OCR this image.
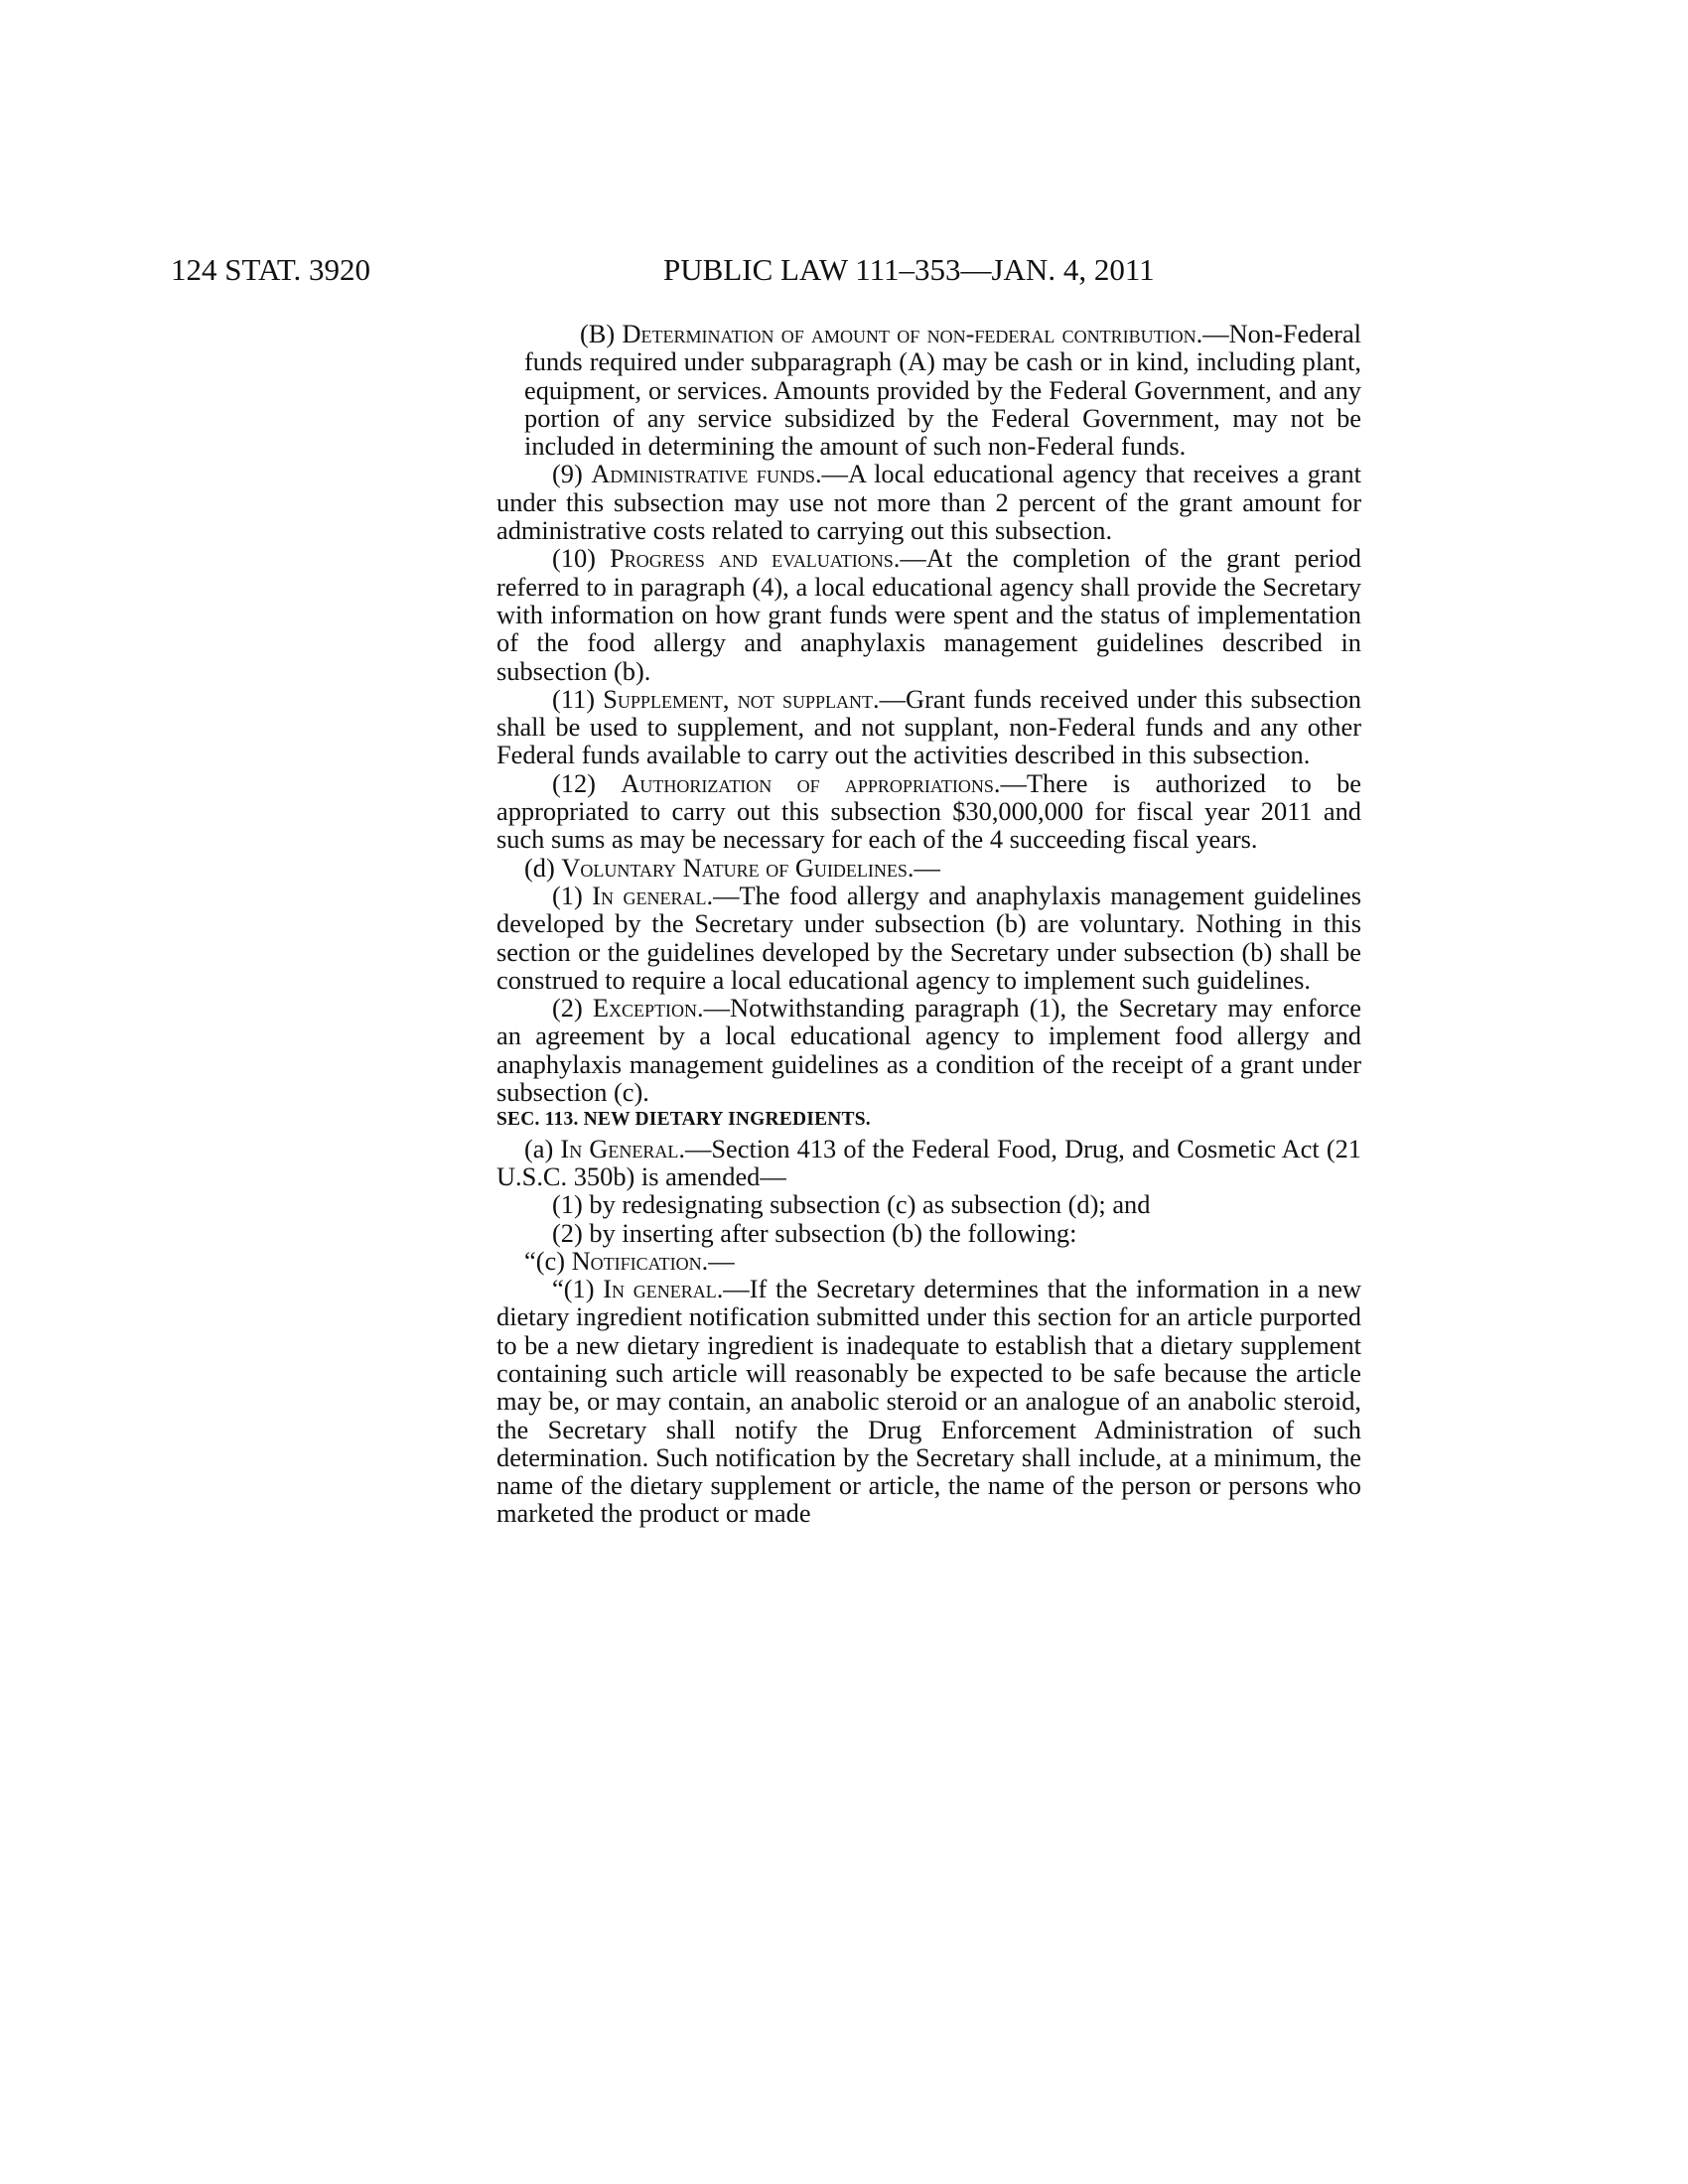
124 STAT. 3920	PUBLIC LAW 111–353—JAN. 4, 2011

(B) Determination of amount of non-federal contribution.—Non-Federal funds required under subparagraph (A) may be cash or in kind, including plant, equipment, or services. Amounts provided by the Federal Government, and any portion of any service subsidized by the Federal Government, may not be included in determining the amount of such non-Federal funds.

(9) Administrative funds.—A local educational agency that receives a grant under this subsection may use not more than 2 percent of the grant amount for administrative costs related to carrying out this subsection.

(10) Progress and evaluations.—At the completion of the grant period referred to in paragraph (4), a local educational agency shall provide the Secretary with information on how grant funds were spent and the status of implementation of the food allergy and anaphylaxis management guidelines described in subsection (b).

(11) Supplement, not supplant.—Grant funds received under this subsection shall be used to supplement, and not supplant, non-Federal funds and any other Federal funds available to carry out the activities described in this subsection.

(12) Authorization of appropriations.—There is authorized to be appropriated to carry out this subsection $30,000,000 for fiscal year 2011 and such sums as may be necessary for each of the 4 succeeding fiscal years.

(d) Voluntary Nature of Guidelines.—

(1) In general.—The food allergy and anaphylaxis management guidelines developed by the Secretary under subsection (b) are voluntary. Nothing in this section or the guidelines developed by the Secretary under subsection (b) shall be construed to require a local educational agency to implement such guidelines.

(2) Exception.—Notwithstanding paragraph (1), the Secretary may enforce an agreement by a local educational agency to implement food allergy and anaphylaxis management guidelines as a condition of the receipt of a grant under subsection (c).

SEC. 113. NEW DIETARY INGREDIENTS.

(a) In General.—Section 413 of the Federal Food, Drug, and Cosmetic Act (21 U.S.C. 350b) is amended—

(1) by redesignating subsection (c) as subsection (d); and

(2) by inserting after subsection (b) the following:

“(c) Notification.—

“(1) In general.—If the Secretary determines that the information in a new dietary ingredient notification submitted under this section for an article purported to be a new dietary ingredient is inadequate to establish that a dietary supplement containing such article will reasonably be expected to be safe because the article may be, or may contain, an anabolic steroid or an analogue of an anabolic steroid, the Secretary shall notify the Drug Enforcement Administration of such determination. Such notification by the Secretary shall include, at a minimum, the name of the dietary supplement or article, the name of the person or persons who marketed the product or made
